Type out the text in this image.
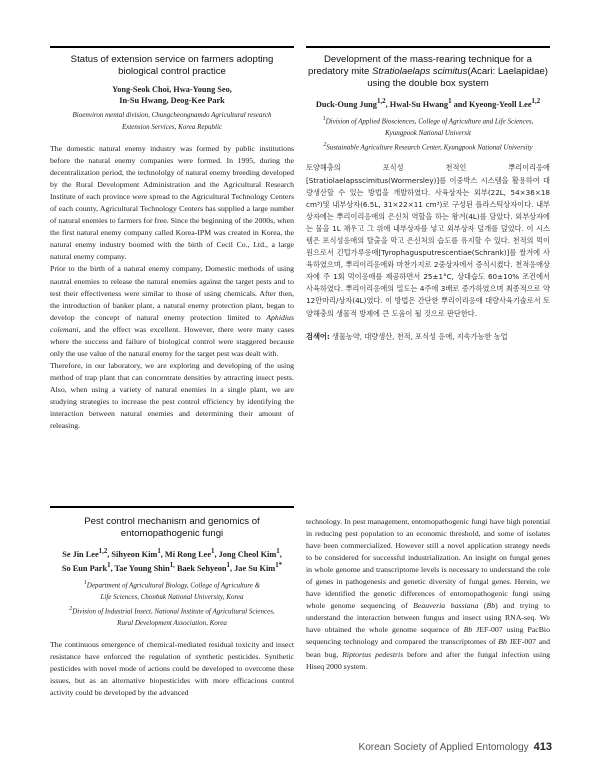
Status of extension service on farmers adopting biological control practice
Yong-Seok Choi, Hwa-Young Seo,
In-Su Hwang, Deog-Kee Park
Bioenviron mental division, Chungcheongnamdo Agricultural research
Extension Services, Korea Republic

The domestic natural enemy industry was formed by public institutions before the natural enemy companies were formed. In 1995, during the decentralization period, the technololgy of natural enemy breeding developed by the Rural Development Administration and the Agricultural Research Institute of each province were spread to the Agricultural Technology Centers of each county, Agricultural Technology Centers has supplied a large number of natural enemies to farmers for free. Since the beginning of the 2000s, when the first natural enemy company called Korea-IPM was created in Korea, the natural enemy industry boomed with the birth of Cecil Co., Ltd., a large natural enemy company.

Prior to the birth of a natural enemy company, Domestic methods of using nautral enemies to release the natural enemies against the target pests and to test their effectiveness were similar to those of using chemicals. After then, the introduction of banker plant, a natural enemy protection plant, began to develop the concept of natural enemy protection limited to Aphidius colemani, and the effect was excellent. However, there were many cases where the success and failure of biological control were staggered because only the use value of the natural enemy for the target pest was dealt with.

Therefore, in our laboratory, we are exploring and developing of the using method of trap plant that can concentrate densities by attracting insect pests. Also, when using a variety of natural enemies in a single plant, we are studying strategies to increase the pest control efficiency by identifying the interaction between natural enemies and determining their amount of releasing.

Development of the mass-rearing technique for a
predatory mite Stratiolaelaps scimitus(Acari: Laelapidae)
using the double box system
Duck-Oung Jung$^{1,2}$, Hwal-Su Hwang$^1$ and Kyeong-Yeoll Lee$^{1,2}$
$^1$Division of Applied Biosciences, College of Agriculture and Life Sciences,
Kyungpook National Universit
$^2$Sustainable Agriculture Research Center, Kyungpook National University

토양해충의 포식성 천적인 뿌리이리응애[Stratiolaelapsscimitus(Wormersley)]를 이중박스 시스템을 활용하여 대량생산할 수 있는 방법을 개발하였다. 사육상자는 외부(22L, 54×36×18 cm³)및 내부상자(6.5L, 31×22×11 cm³)로 구성된 플라스틱상자이다. 내부상자에는 뿌리이리응애의 은신처 역할을 하는 왕겨(4L)를 담았다. 외부상자에는 물을 1L 채우고 그 위에 내부상자를 넣고 외부상자 덮개를 덮었다. 이 시스템은 포식성응애의 탈출을 막고 은신처의 습도를 유지할 수 있다. 천적의 먹이원으로서 긴털가루응애[Tyrophagusputrescentiae(Schrank)]를 쌀겨에 사육하였으며, 뿌리이리응애와 마찬가지로 2중상자에서 증식시켰다. 천적응애상자에 주 1회 먹이응애를 제공하면서 25±1°C, 상대습도 60±10% 조건에서 사육하였다. 뿌리이리응애의 밀도는 4주에 3배로 증가하였으며 최종적으로 약 12만마리/상자(4L)였다. 이 방법은 간단한 뿌리이리응애 대량사육기술로서 토양해충의 생물적 방제에 큰 도움이 될 것으로 판단한다.

검색어: 생물농약, 대량생산, 천적, 포식성 응애, 지속가능한 농업
Pest control mechanism and genomics of
entomopathogenic fungi
Se Jin Lee$^{1,2}$, Sihyeon Kim$^1$, Mi Rong Lee$^1$, Jong Cheol Kim$^1$,
So Eun Park$^1$, Tae Young Shin$^{1,}$ Baek Sehyeon$^1$, Jae Su Kim$^{1*}$
$^1$Department of Agricultural Biology, College of Agriculture &
Life Sciences, Chonbuk National University, Korea
$^2$Division of Industrial Insect, National Institute of Agricultural Sciences,
Rural Development Association, Korea

The continuous emergence of chemical-mediated residual toxicity and insect resistance have enforced the regulation of synthetic pesticides. Synthetic pesticides with novel mode of actions could be developed to overcome these issues, but as an alternative biopesticides with more efficacious control activity could be developed by the advanced

technology. In pest management, entomopathogenic fungi have high potential in reducing pest population to an economic threshold, and some of isolates have been commercialized. However still a novel application strategy needs to be considered for successful industrialization. An insight on fungal genes in whole genome and transcriptome levels is necessary to understand the role of genes in pathogenesis and genetic diversity of fungal genes. Herein, we have identified the genetic differences of entomopathogenic fungi using whole genome sequencing of Beauveria bassiana (Bb) and trying to understand the interaction between fungus and insect using RNA-seq. We have obtained the whole genome sequence of Bb JEF-007 using PacBio sequencing technology and compared the transcriptomes of Bb JEF-007 and bean bug, Riptortus pedestris before and after the fungal infection using Hiseq 2000 system.

Korean Society of Applied Entomology 413
